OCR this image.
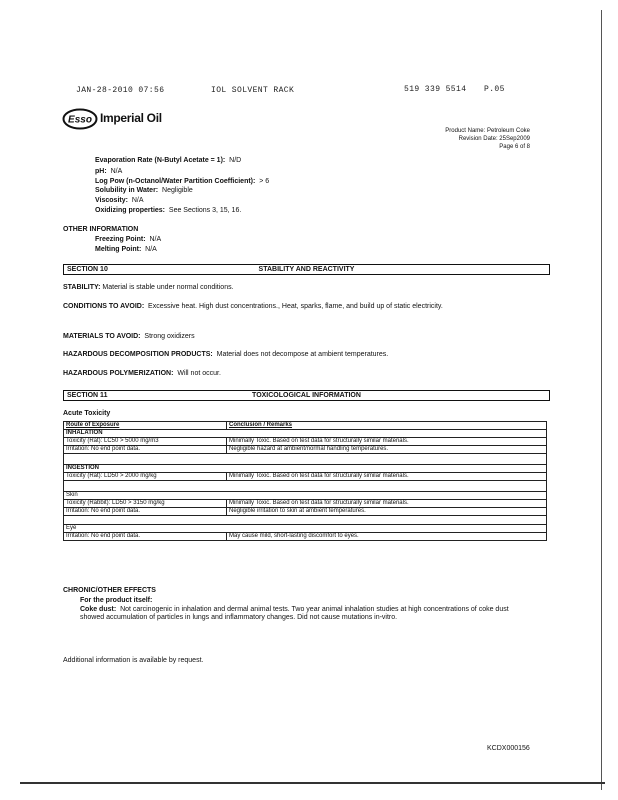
JAN-28-2010 07:56	IOL SOLVENT RACK	519 339 5514 P.05
Esso Imperial Oil
Product Name: Petroleum Coke
Revision Date: 25Sep2009
Page 6 of 8
Evaporation Rate (N-Butyl Acetate = 1): N/D
pH: N/A
Log Pow (n-Octanol/Water Partition Coefficient): > 6
Solubility in Water: Negligible
Viscosity: N/A
Oxidizing properties: See Sections 3, 15, 16.
OTHER INFORMATION
Freezing Point: N/A
Melting Point: N/A
SECTION 10	STABILITY AND REACTIVITY
STABILITY: Material is stable under normal conditions.
CONDITIONS TO AVOID: Excessive heat. High dust concentrations., Heat, sparks, flame, and build up of static electricity.
MATERIALS TO AVOID: Strong oxidizers
HAZARDOUS DECOMPOSITION PRODUCTS: Material does not decompose at ambient temperatures.
HAZARDOUS POLYMERIZATION: Will not occur.
SECTION 11	TOXICOLOGICAL INFORMATION
Acute Toxicity
Route of Exposure	Conclusion / Remarks
INHALATION	
Toxicity (Rat): LC50 > 5000 mg/m3	Minimally Toxic. Based on test data for structurally similar materials.
Irritation: No end point data.	Negligible hazard at ambient/normal handling temperatures.

INGESTION	
Toxicity (Rat): LD50 > 2000 mg/kg	Minimally Toxic. Based on test data for structurally similar materials.

Skin	
Toxicity (Rabbit): LD50 > 3150 mg/kg	Minimally Toxic. Based on test data for structurally similar materials.
Irritation: No end point data.	Negligible irritation to skin at ambient temperatures.

Eye	
Irritation: No end point data.	May cause mild, short-lasting discomfort to eyes.
CHRONIC/OTHER EFFECTS
For the product itself:
Coke dust: Not carcinogenic in inhalation and dermal animal tests. Two year animal inhalation studies at high concentrations of coke dust showed accumulation of particles in lungs and inflammatory changes. Did not cause mutations in-vitro.
Additional information is available by request.
KCDX000156
